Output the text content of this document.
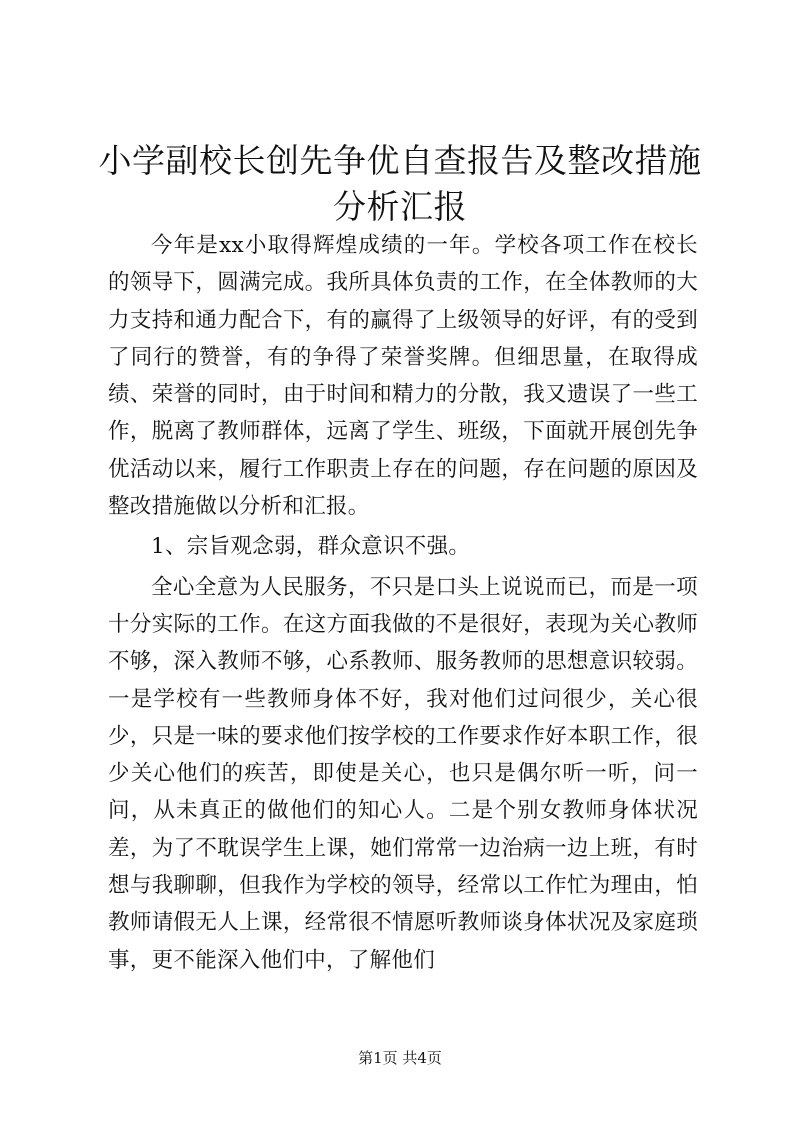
小学副校长创先争优自查报告及整改措施分析汇报

今年是xx小取得辉煌成绩的一年。学校各项工作在校长的领导下，圆满完成。我所具体负责的工作，在全体教师的大力支持和通力配合下，有的赢得了上级领导的好评，有的受到了同行的赞誉，有的争得了荣誉奖牌。但细思量，在取得成绩、荣誉的同时，由于时间和精力的分散，我又遗误了一些工作，脱离了教师群体，远离了学生、班级，下面就开展创先争优活动以来，履行工作职责上存在的问题，存在问题的原因及整改措施做以分析和汇报。

1、宗旨观念弱，群众意识不强。

全心全意为人民服务，不只是口头上说说而已，而是一项十分实际的工作。在这方面我做的不是很好，表现为关心教师不够，深入教师不够，心系教师、服务教师的思想意识较弱。一是学校有一些教师身体不好，我对他们过问很少，关心很少，只是一味的要求他们按学校的工作要求作好本职工作，很少关心他们的疾苦，即使是关心，也只是偶尔听一听，问一问，从未真正的做他们的知心人。二是个别女教师身体状况差，为了不耽误学生上课，她们常常一边治病一边上班，有时想与我聊聊，但我作为学校的领导，经常以工作忙为理由，怕教师请假无人上课，经常很不情愿听教师谈身体状况及家庭琐事，更不能深入他们中，了解他们

第1页 共4页
